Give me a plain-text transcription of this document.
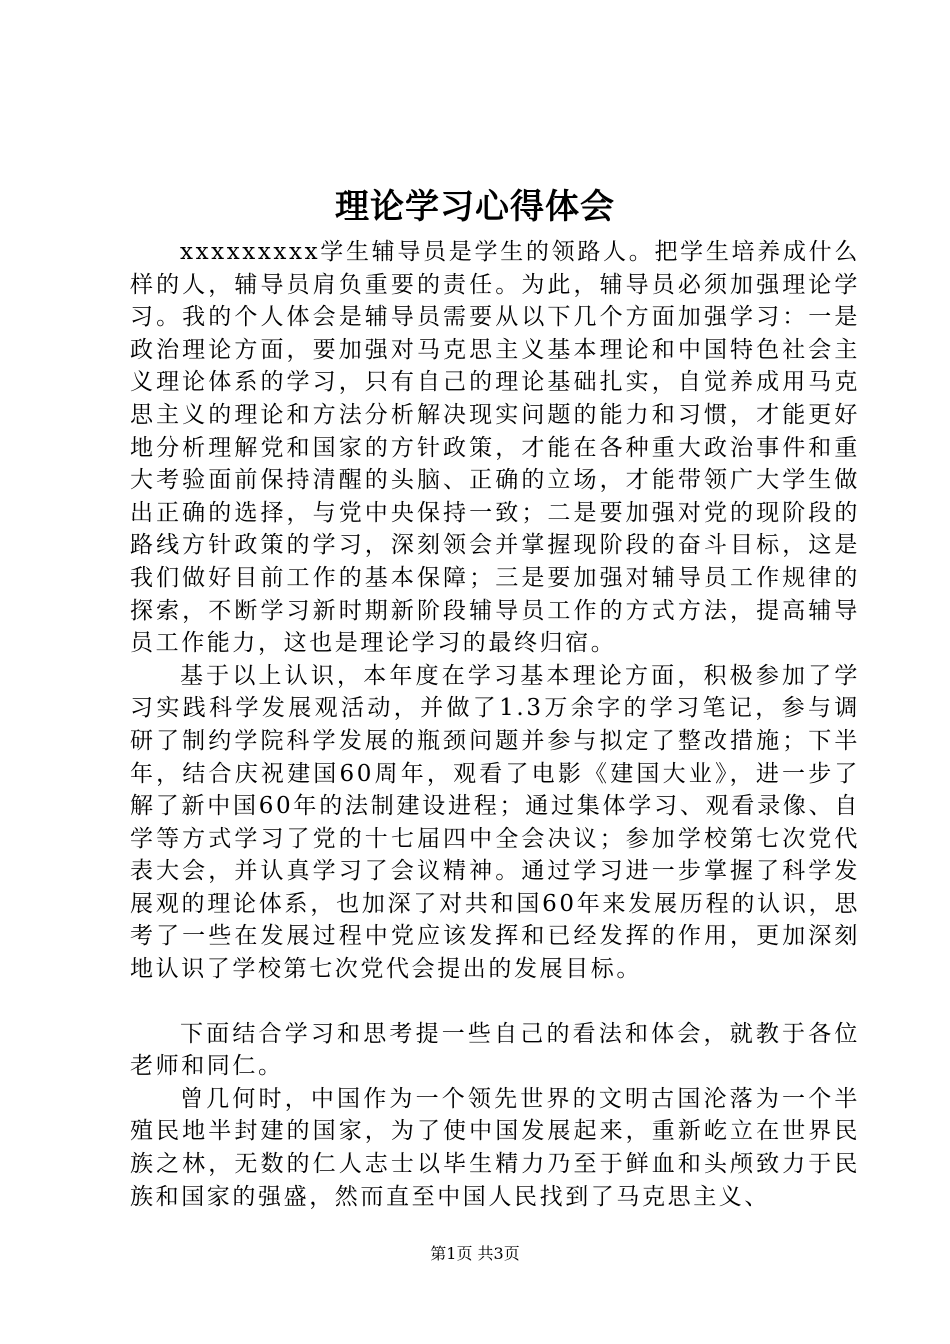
理论学习心得体会

xxxxxxxxx学生辅导员是学生的领路人。把学生培养成什么样的人，辅导员肩负重要的责任。为此，辅导员必须加强理论学习。我的个人体会是辅导员需要从以下几个方面加强学习：一是政治理论方面，要加强对马克思主义基本理论和中国特色社会主义理论体系的学习，只有自己的理论基础扎实，自觉养成用马克思主义的理论和方法分析解决现实问题的能力和习惯，才能更好地分析理解党和国家的方针政策，才能在各种重大政治事件和重大考验面前保持清醒的头脑、正确的立场，才能带领广大学生做出正确的选择，与党中央保持一致；二是要加强对党的现阶段的路线方针政策的学习，深刻领会并掌握现阶段的奋斗目标，这是我们做好目前工作的基本保障；三是要加强对辅导员工作规律的探索，不断学习新时期新阶段辅导员工作的方式方法，提高辅导员工作能力，这也是理论学习的最终归宿。

基于以上认识，本年度在学习基本理论方面，积极参加了学习实践科学发展观活动，并做了1.3万余字的学习笔记，参与调研了制约学院科学发展的瓶颈问题并参与拟定了整改措施；下半年，结合庆祝建国60周年，观看了电影《建国大业》，进一步了解了新中国60年的法制建设进程；通过集体学习、观看录像、自学等方式学习了党的十七届四中全会决议；参加学校第七次党代表大会，并认真学习了会议精神。通过学习进一步掌握了科学发展观的理论体系，也加深了对共和国60年来发展历程的认识，思考了一些在发展过程中党应该发挥和已经发挥的作用，更加深刻地认识了学校第七次党代会提出的发展目标。

下面结合学习和思考提一些自己的看法和体会，就教于各位老师和同仁。

曾几何时，中国作为一个领先世界的文明古国沦落为一个半殖民地半封建的国家，为了使中国发展起来，重新屹立在世界民族之林，无数的仁人志士以毕生精力乃至于鲜血和头颅致力于民族和国家的强盛，然而直至中国人民找到了马克思主义、

第1页 共3页
